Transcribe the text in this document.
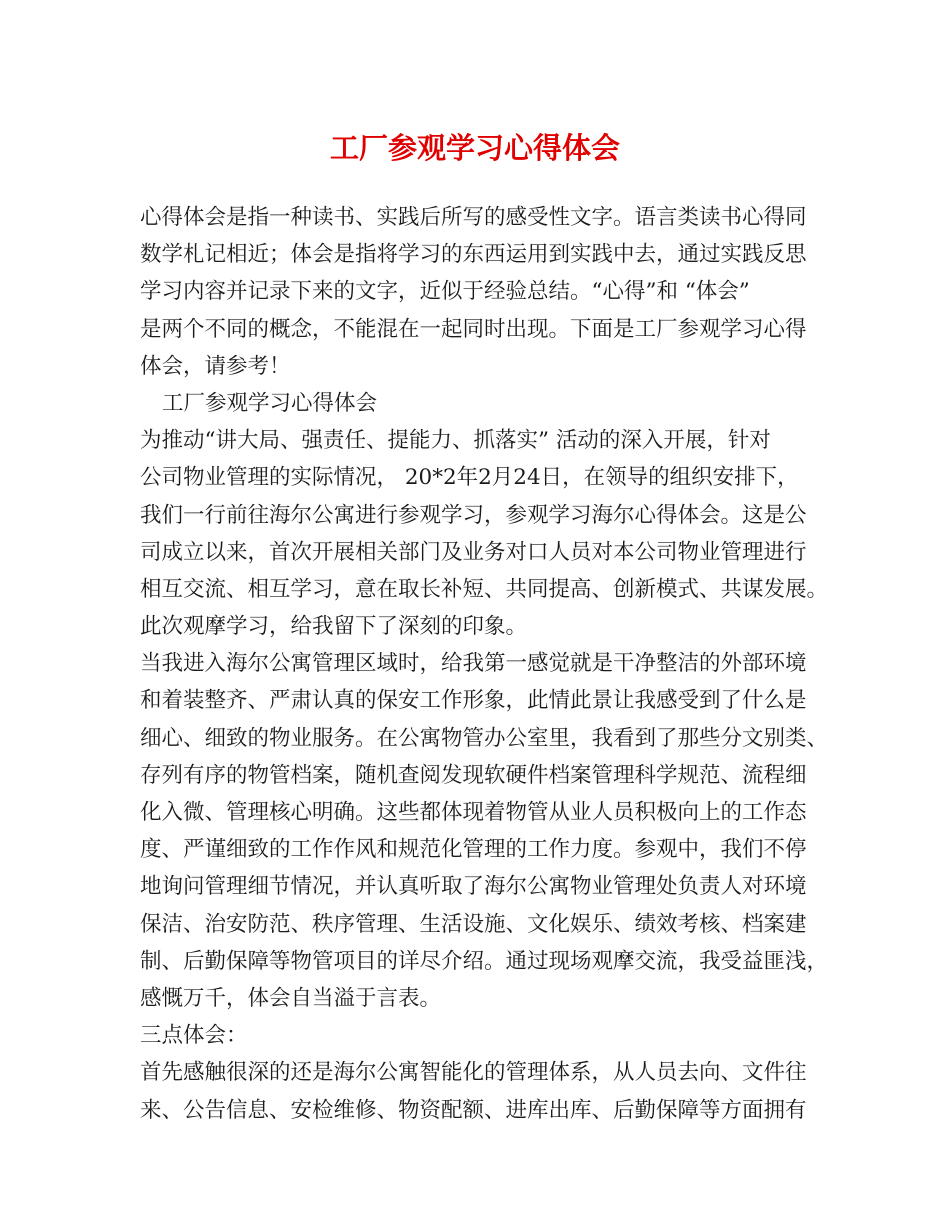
工厂参观学习心得体会
心得体会是指一种读书、实践后所写的感受性文字。语言类读书心得同
数学札记相近；体会是指将学习的东西运用到实践中去，通过实践反思
学习内容并记录下来的文字，近似于经验总结。“心得”和 “体会”
是两个不同的概念，不能混在一起同时出现。下面是工厂参观学习心得
体会，请参考！
工厂参观学习心得体会
为推动“讲大局、强责任、提能力、抓落实” 活动的深入开展，针对
公司物业管理的实际情况， 20*2年2月24日，在领导的组织安排下，
我们一行前往海尔公寓进行参观学习，参观学习海尔心得体会。这是公
司成立以来，首次开展相关部门及业务对口人员对本公司物业管理进行
相互交流、相互学习，意在取长补短、共同提高、创新模式、共谋发展。
此次观摩学习，给我留下了深刻的印象。
当我进入海尔公寓管理区域时，给我第一感觉就是干净整洁的外部环境
和着装整齐、严肃认真的保安工作形象，此情此景让我感受到了什么是
细心、细致的物业服务。在公寓物管办公室里，我看到了那些分文别类、
存列有序的物管档案，随机查阅发现软硬件档案管理科学规范、流程细
化入微、管理核心明确。这些都体现着物管从业人员积极向上的工作态
度、严谨细致的工作作风和规范化管理的工作力度。参观中，我们不停
地询问管理细节情况，并认真听取了海尔公寓物业管理处负责人对环境
保洁、治安防范、秩序管理、生活设施、文化娱乐、绩效考核、档案建
制、后勤保障等物管项目的详尽介绍。通过现场观摩交流，我受益匪浅，
感慨万千，体会自当溢于言表。
三点体会：
首先感触很深的还是海尔公寓智能化的管理体系，从人员去向、文件往
来、公告信息、安检维修、物资配额、进库出库、后勤保障等方面拥有
